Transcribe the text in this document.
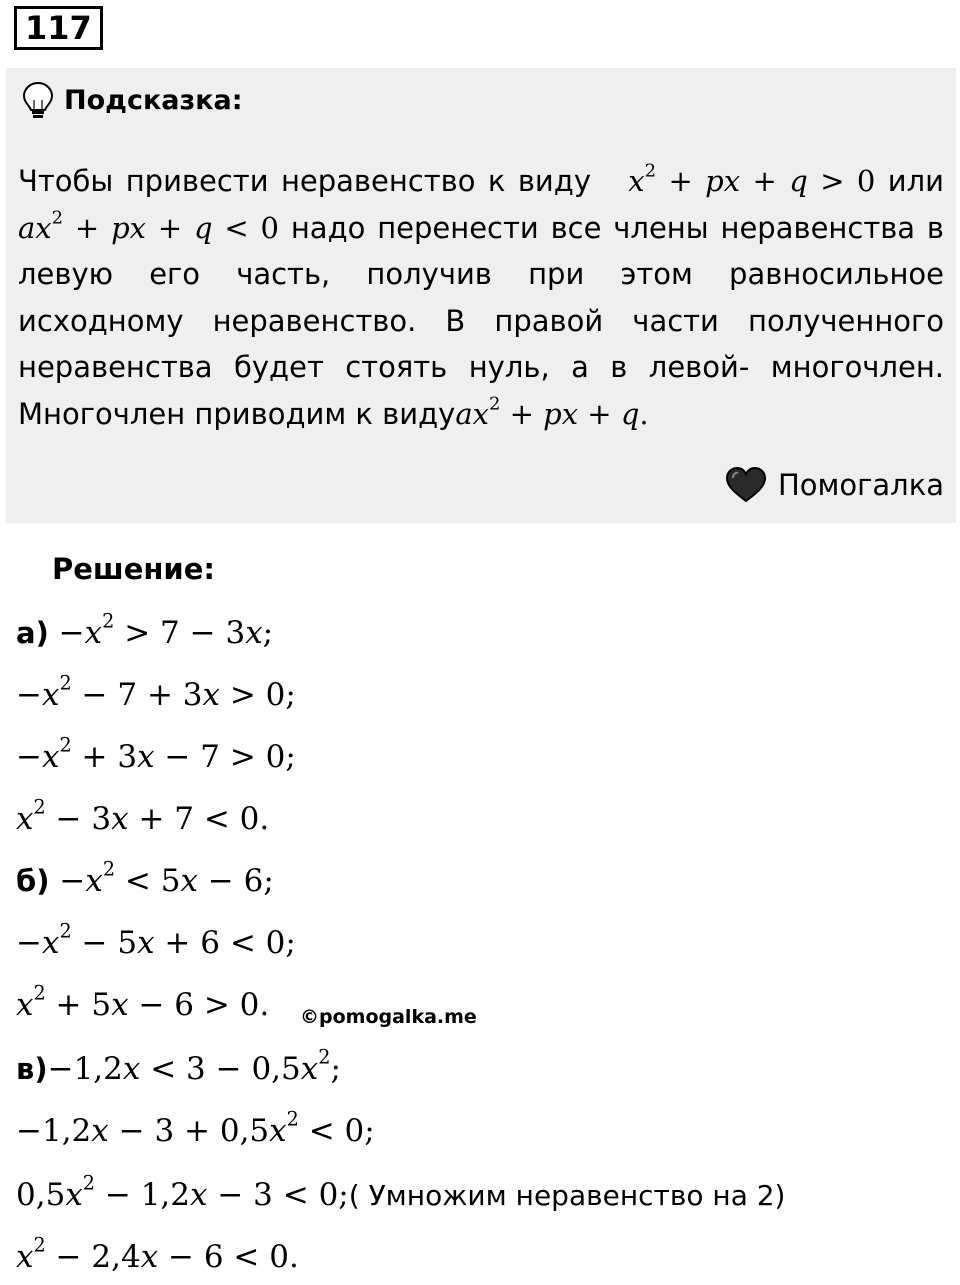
117
Подсказка:
Чтобы привести неравенство к виду $x^2$ + px + q > 0 или $ax^2$ + px + q < 0 надо перенести все члены неравенства в левую его часть, получив при этом равносильное исходному неравенство. В правой части полученного неравенства будет стоять нуль, а в левой- многочлен. Многочлен приводим к видуax$^2$ + px + q.
Помогалка
Решение:
$а) -x^2 > 7 - 3x$;
$-x^2 - 7 + 3x > 0$;
$-x^2 + 3x - 7 > 0$;
$x^2 - 3x + 7 < 0$.
$б) -x^2 < 5x - 6$;
$-x^2 - 5x + 6 < 0$;
$x^2 + 5x - 6 > 0$. ©pomogalka.me
$в)-1,2x < 3 - 0,5x^2$;
$-1,2x - 3 + 0,5x^2 < 0$;
$0,5x^2 - 1,2x - 3$ < 0;( Умножим неравенство на 2)
$x^2 - 2,4x - 6 < 0$.
